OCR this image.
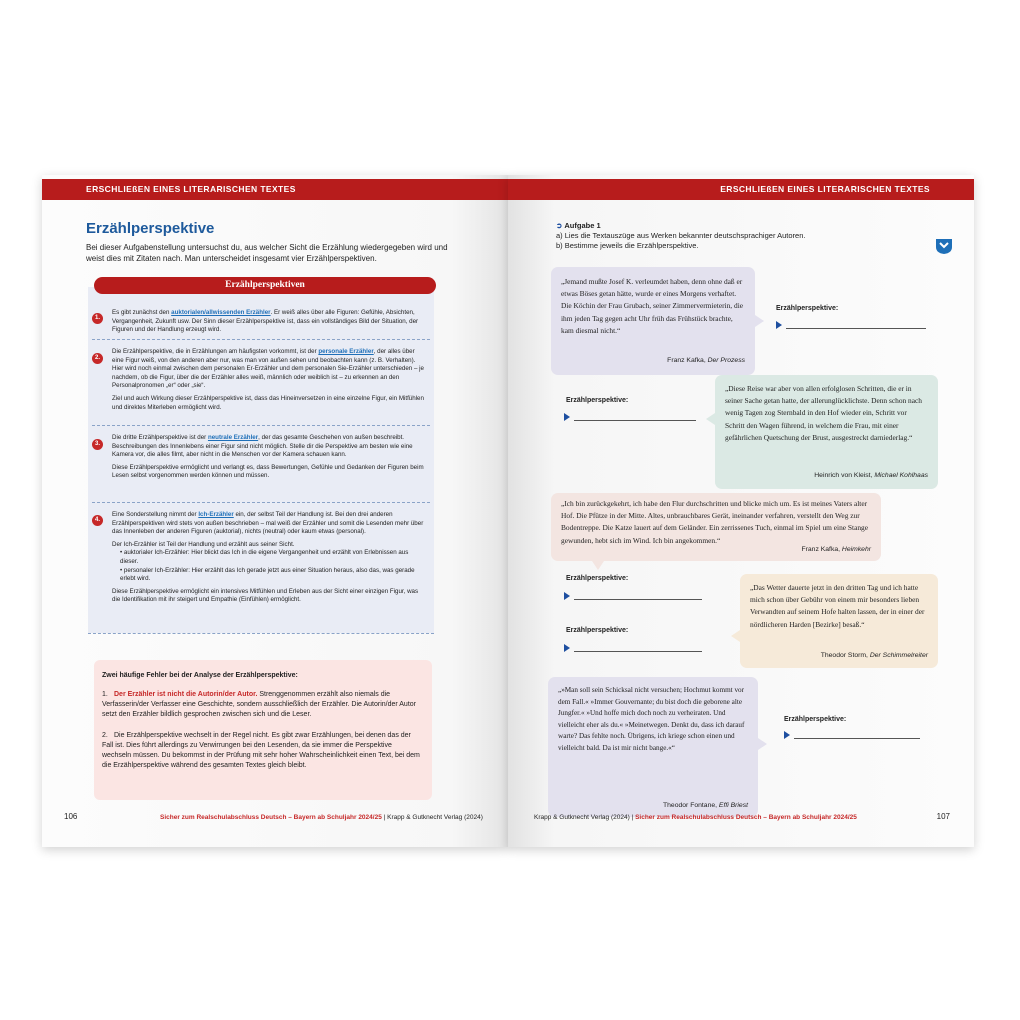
ERSCHLIEßEN EINES LITERARISCHEN TEXTES
Erzählperspektive
Bei dieser Aufgabenstellung untersuchst du, aus welcher Sicht die Erzählung wiedergegeben wird und weist dies mit Zitaten nach. Man unterscheidet insgesamt vier Erzählperspektiven.
Erzählperspektiven
1.
Es gibt zunächst den auktorialen/allwissenden Erzähler. Er weiß alles über alle Figuren: Gefühle, Absichten, Vergangenheit, Zukunft usw. Der Sinn dieser Erzählperspektive ist, dass ein vollständiges Bild der Situation, der Figuren und der Handlung erzeugt wird.
2.
Die Erzählperspektive, die in Erzählungen am häufigsten vorkommt, ist der personale Erzähler, der alles über eine Figur weiß, von den anderen aber nur, was man von außen sehen und beobachten kann (z. B. Verhalten). Hier wird noch einmal zwischen dem personalen Er-Erzähler und dem personalen Sie-Erzähler unterschieden – je nachdem, ob die Figur, über die der Erzähler alles weiß, männlich oder weiblich ist – zu erkennen an den Personalpronomen „er“ oder „sie“.
Ziel und auch Wirkung dieser Erzählperspektive ist, dass das Hineinversetzen in eine einzelne Figur, ein Mitfühlen und direktes Miterleben ermöglicht wird.
3.
Die dritte Erzählperspektive ist der neutrale Erzähler, der das gesamte Geschehen von außen beschreibt. Beschreibungen des Innenlebens einer Figur sind nicht möglich. Stelle dir die Perspektive am besten wie eine Kamera vor, die alles filmt, aber nicht in die Menschen vor der Kamera schauen kann.
Diese Erzählperspektive ermöglicht und verlangt es, dass Bewertungen, Gefühle und Gedanken der Figuren beim Lesen selbst vorgenommen werden können und müssen.
4.
Eine Sonderstellung nimmt der Ich-Erzähler ein, der selbst Teil der Handlung ist. Bei den drei anderen Erzählperspektiven wird stets von außen beschrieben – mal weiß der Erzähler und somit die Lesenden mehr über das Innenleben der anderen Figuren (auktorial), nichts (neutral) oder kaum etwas (personal).
Der Ich-Erzähler ist Teil der Handlung und erzählt aus seiner Sicht.
• auktorialer Ich-Erzähler: Hier blickt das Ich in die eigene Vergangenheit und erzählt von Erlebnissen aus dieser.
• personaler Ich-Erzähler: Hier erzählt das Ich gerade jetzt aus einer Situation heraus, also das, was gerade erlebt wird.
Diese Erzählperspektive ermöglicht ein intensives Mitfühlen und Erleben aus der Sicht einer einzigen Figur, was die Identifikation mit ihr steigert und Empathie (Einfühlen) ermöglicht.
Zwei häufige Fehler bei der Analyse der Erzählperspektive:
1. Der Erzähler ist nicht die Autorin/der Autor. Strenggenommen erzählt also niemals die Verfasserin/der Verfasser eine Geschichte, sondern ausschließlich der Erzähler. Die Autorin/der Autor setzt den Erzähler bildlich gesprochen zwischen sich und die Leser.
2. Die Erzählperspektive wechselt in der Regel nicht. Es gibt zwar Erzählungen, bei denen das der Fall ist. Dies führt allerdings zu Verwirrungen bei den Lesenden, da sie immer die Perspektive wechseln müssen. Du bekommst in der Prüfung mit sehr hoher Wahrscheinlichkeit einen Text, bei dem die Erzählperspektive während des gesamten Textes gleich bleibt.
106	Sicher zum Realschulabschluss Deutsch – Bayern ab Schuljahr 2024/25 | Krapp & Gutknecht Verlag (2024)
ERSCHLIEßEN EINES LITERARISCHEN TEXTES
➲ Aufgabe 1
a) Lies die Textauszüge aus Werken bekannter deutschsprachiger Autoren.
b) Bestimme jeweils die Erzählperspektive.
„Jemand mußte Josef K. verleumdet haben, denn ohne daß er etwas Böses getan hätte, wurde er eines Morgens verhaftet. Die Köchin der Frau Grubach, seiner Zimmervermieterin, die ihm jeden Tag gegen acht Uhr früh das Frühstück brachte, kam diesmal nicht.“
Franz Kafka, Der Prozess
Erzählperspektive:
Erzählperspektive:
„Diese Reise war aber von allen erfolglosen Schritten, die er in seiner Sache getan hatte, der allerunglücklichste. Denn schon nach wenig Tagen zog Sternbald in den Hof wieder ein, Schritt vor Schritt den Wagen führend, in welchem die Frau, mit einer gefährlichen Quetschung der Brust, ausgestreckt darniederlag.“
Heinrich von Kleist, Michael Kohlhaas
„Ich bin zurückgekehrt, ich habe den Flur durchschritten und blicke mich um. Es ist meines Vaters alter Hof. Die Pfütze in der Mitte. Altes, unbrauchbares Gerät, ineinander verfahren, verstellt den Weg zur Bodentreppe. Die Katze lauert auf dem Geländer. Ein zerrissenes Tuch, einmal im Spiel um eine Stange gewunden, hebt sich im Wind. Ich bin angekommen.“
Franz Kafka, Heimkehr
Erzählperspektive:
„Das Wetter dauerte jetzt in den dritten Tag und ich hatte mich schon über Gebühr von einem mir besonders lieben Verwandten auf seinem Hofe halten lassen, der in einer der nördlicheren Harden [Bezirke] besaß.“
Theodor Storm, Der Schimmelreiter
Erzählperspektive:
„»Man soll sein Schicksal nicht versuchen; Hochmut kommt vor dem Fall.« »Immer Gouvernante; du bist doch die geborene alte Jungfer.« »Und hoffe mich doch noch zu verheiraten. Und vielleicht eher als du.« »Meinetwegen. Denkt du, dass ich darauf warte? Das fehlte noch. Übrigens, ich kriege schon einen und vielleicht bald. Da ist mir nicht bange.«“
Theodor Fontane, Effi Briest
Erzählperspektive:
Krapp & Gutknecht Verlag (2024) | Sicher zum Realschulabschluss Deutsch – Bayern ab Schuljahr 2024/25	107
